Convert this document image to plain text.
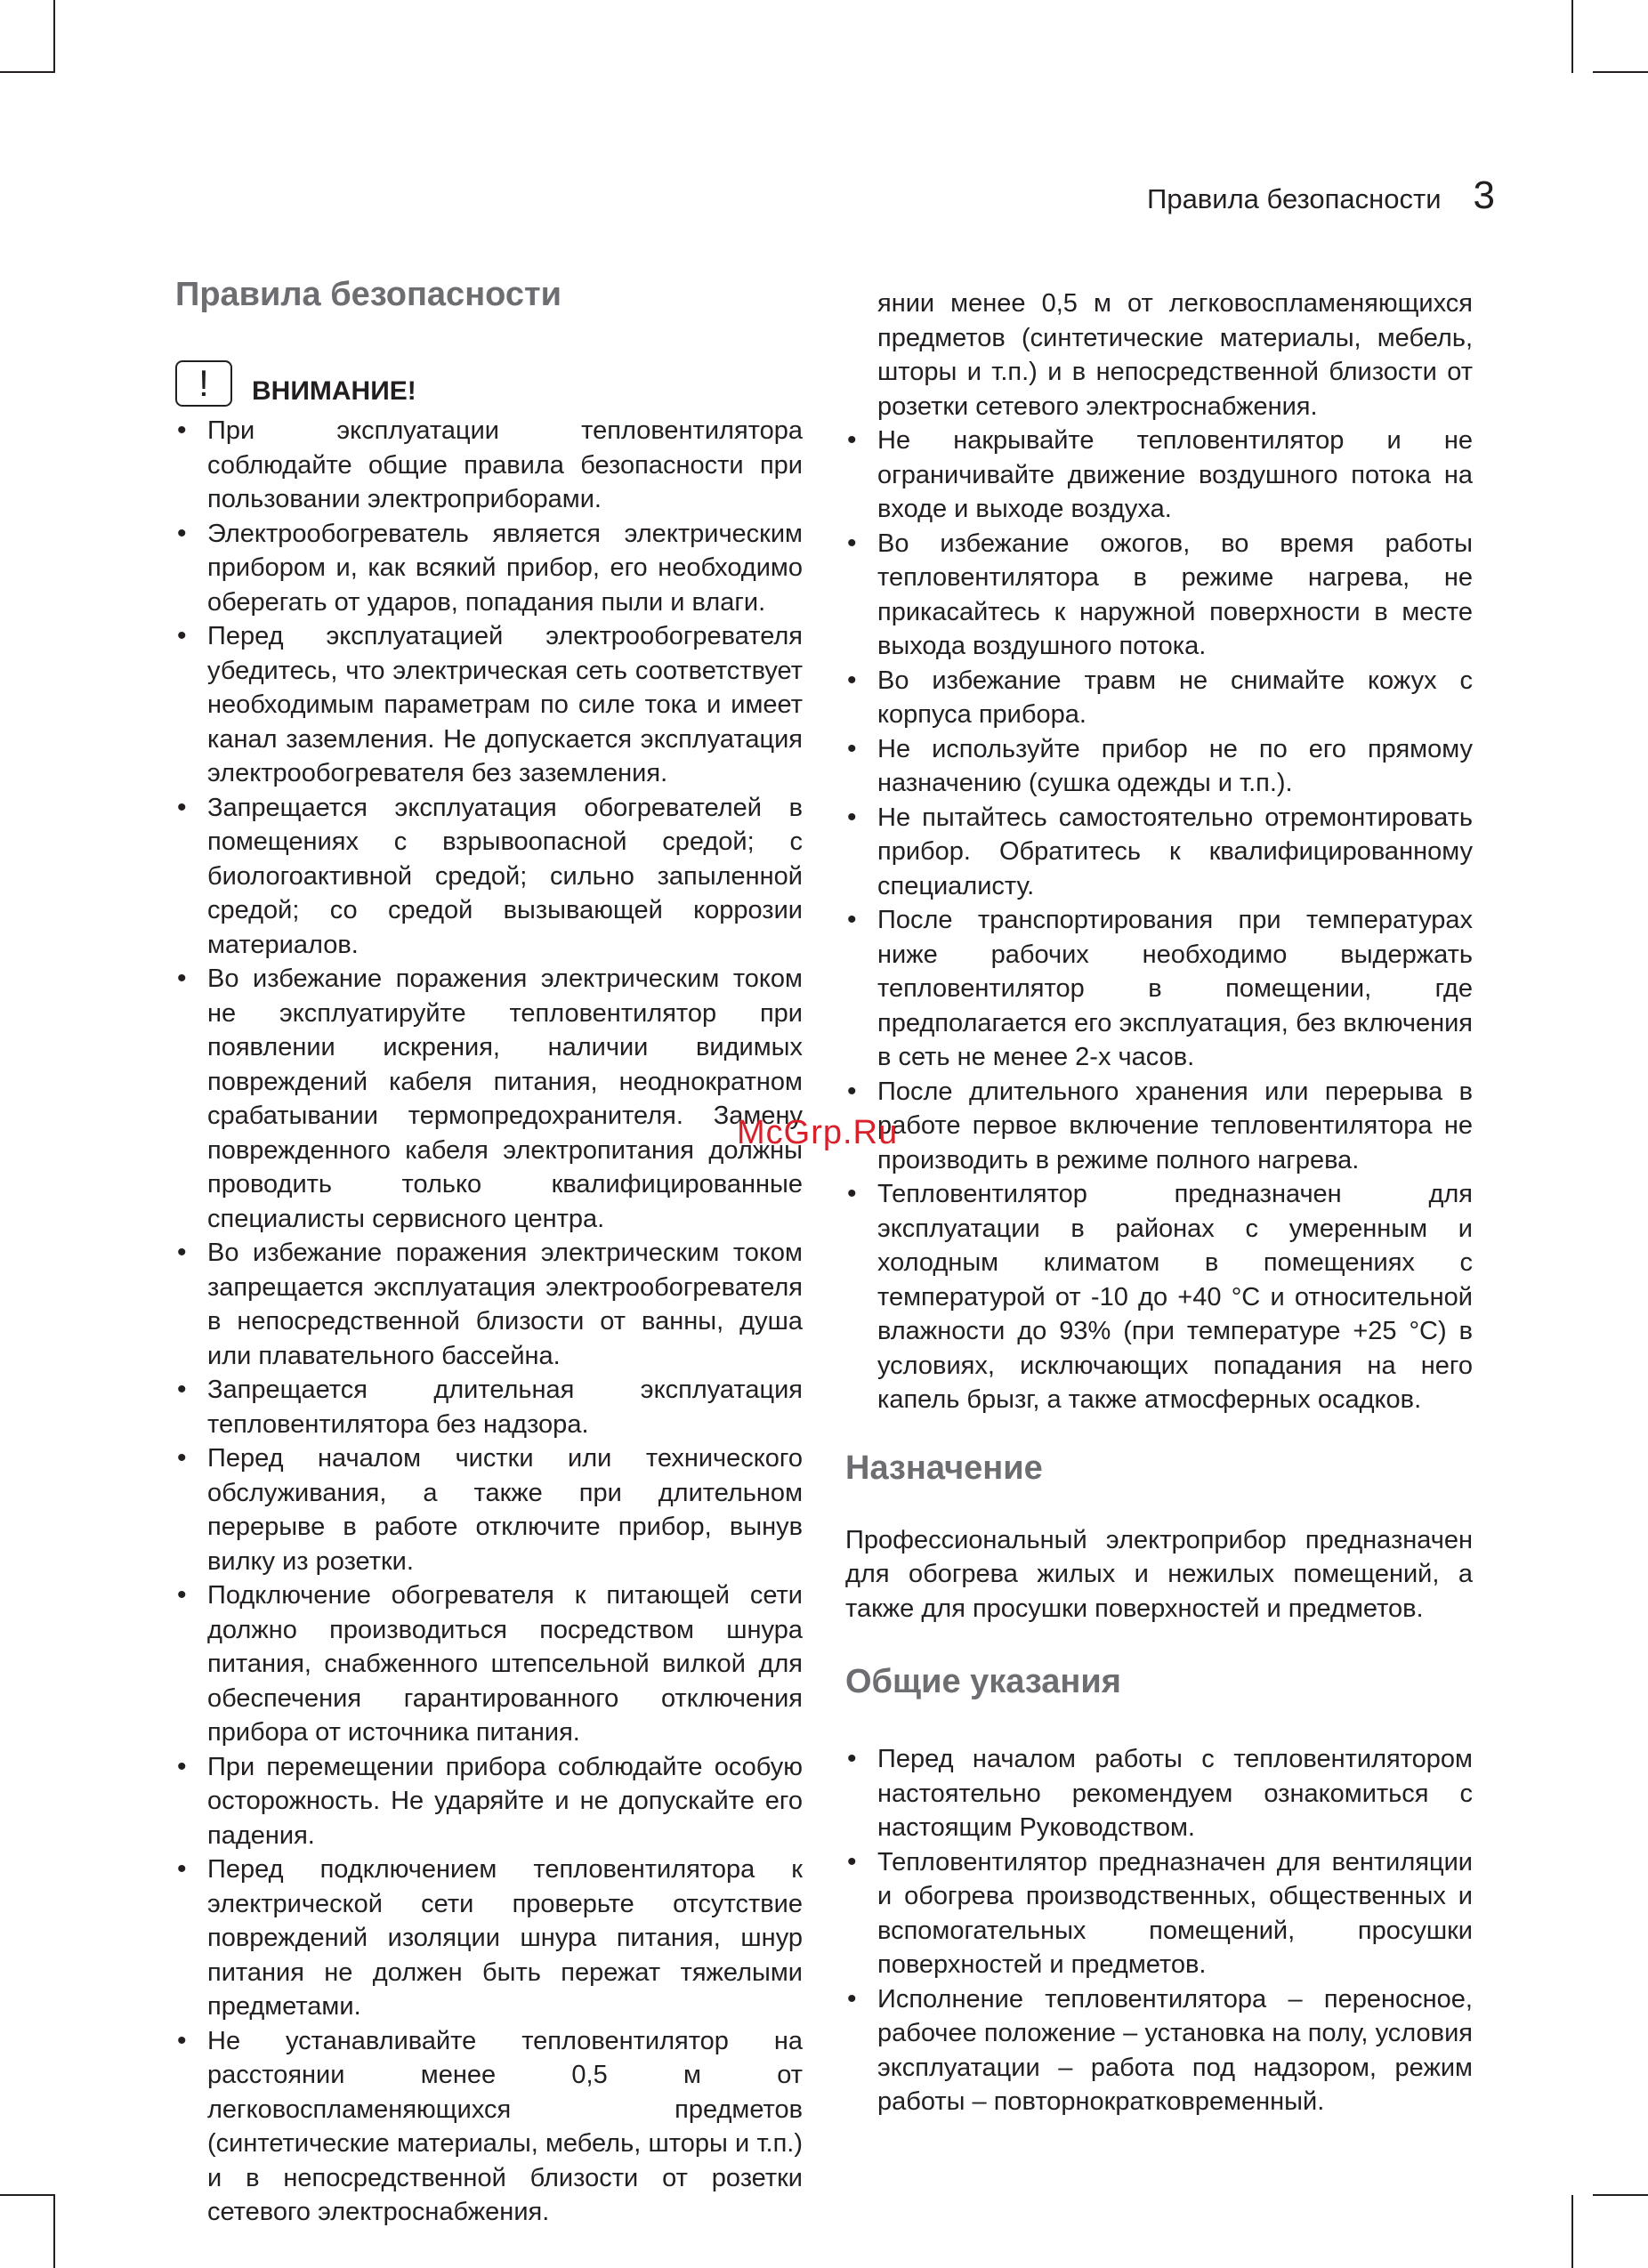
Правила безопасности 3
Правила безопасности
!	ВНИМАНИЕ!
• При эксплуатации тепловентилятора соблюдайте общие правила безопасности при пользовании электроприборами.
• Электрообогреватель является электрическим прибором и, как всякий прибор, его необходимо оберегать от ударов, попадания пыли и влаги.
• Перед эксплуатацией электрообогревателя убедитесь, что электрическая сеть соответствует необходимым параметрам по силе тока и имеет канал заземления. Не допускается эксплуатация электрообогревателя без заземления.
• Запрещается эксплуатация обогревателей в помещениях с взрывоопасной средой; с биологоактивной средой; сильно запыленной средой; со средой вызывающей коррозии материалов.
• Во избежание поражения электрическим током не эксплуатируйте тепловентилятор при появлении искрения, наличии видимых повреждений кабеля питания, неоднократном срабатывании термопредохранителя. Замену поврежденного кабеля электропитания должны проводить только квалифицированные специалисты сервисного центра.
• Во избежание поражения электрическим током запрещается эксплуатация электрообогревателя в непосредственной близости от ванны, душа или плавательного бассейна.
• Запрещается длительная эксплуатация тепловентилятора без надзора.
• Перед началом чистки или технического обслуживания, а также при длительном перерыве в работе отключите прибор, вынув вилку из розетки.
• Подключение обогревателя к питающей сети должно производиться посредством шнура питания, снабженного штепсельной вилкой для обеспечения гарантированного отключения прибора от источника питания.
• При перемещении прибора соблюдайте особую осторожность. Не ударяйте и не допускайте его падения.
• Перед подключением тепловентилятора к электрической сети проверьте отсутствие повреждений изоляции шнура питания, шнур питания не должен быть пережат тяжелыми предметами.
• Не устанавливайте тепловентилятор на расстоянии менее 0,5 м от легковоспламеняющихся предметов (синтетические материалы, мебель, шторы и т.п.) и в непосредственной близости от розетки сетевого электроснабжения.

янии менее 0,5 м от легковоспламеняющихся предметов (синтетические материалы, мебель, шторы и т.п.) и в непосредственной близости от розетки сетевого электроснабжения.

• Не накрывайте тепловентилятор и не ограничивайте движение воздушного потока на входе и выходе воздуха.
• Во избежание ожогов, во время работы тепловентилятора в режиме нагрева, не прикасайтесь к наружной поверхности в месте выхода воздушного потока.
• Во избежание травм не снимайте кожух с корпуса прибора.
• Не используйте прибор не по его прямому назначению (сушка одежды и т.п.).
• Не пытайтесь самостоятельно отремонтировать прибор. Обратитесь к квалифицированному специалисту.
• После транспортирования при температурах ниже рабочих необходимо выдержать тепловентилятор в помещении, где предполагается его эксплуатация, без включения в сеть не менее 2-х часов.
• После длительного хранения или перерыва в работе первое включение тепловентилятора не производить в режиме полного нагрева.
• Тепловентилятор предназначен для эксплуатации в районах с умеренным и холодным климатом в помещениях с температурой от -10 до +40 °С и относительной влажности до 93% (при температуре +25 °С) в условиях, исключающих попадания на него капель брызг, а также атмосферных осадков.
Назначение

Профессиональный электроприбор предназначен для обогрева жилых и нежилых помещений, а также для просушки поверхностей и предметов.

Общие указания
• Перед началом работы с тепловентилятором настоятельно рекомендуем ознакомиться с настоящим Руководством.
• Тепловентилятор предназначен для вентиляции и обогрева производственных, общественных и вспомогательных помещений, просушки поверхностей и предметов.
• Исполнение тепловентилятора – переносное, рабочее положение – установка на полу, условия эксплуатации – работа под надзором, режим работы – повторнократковременный.
McGrp.Ru
